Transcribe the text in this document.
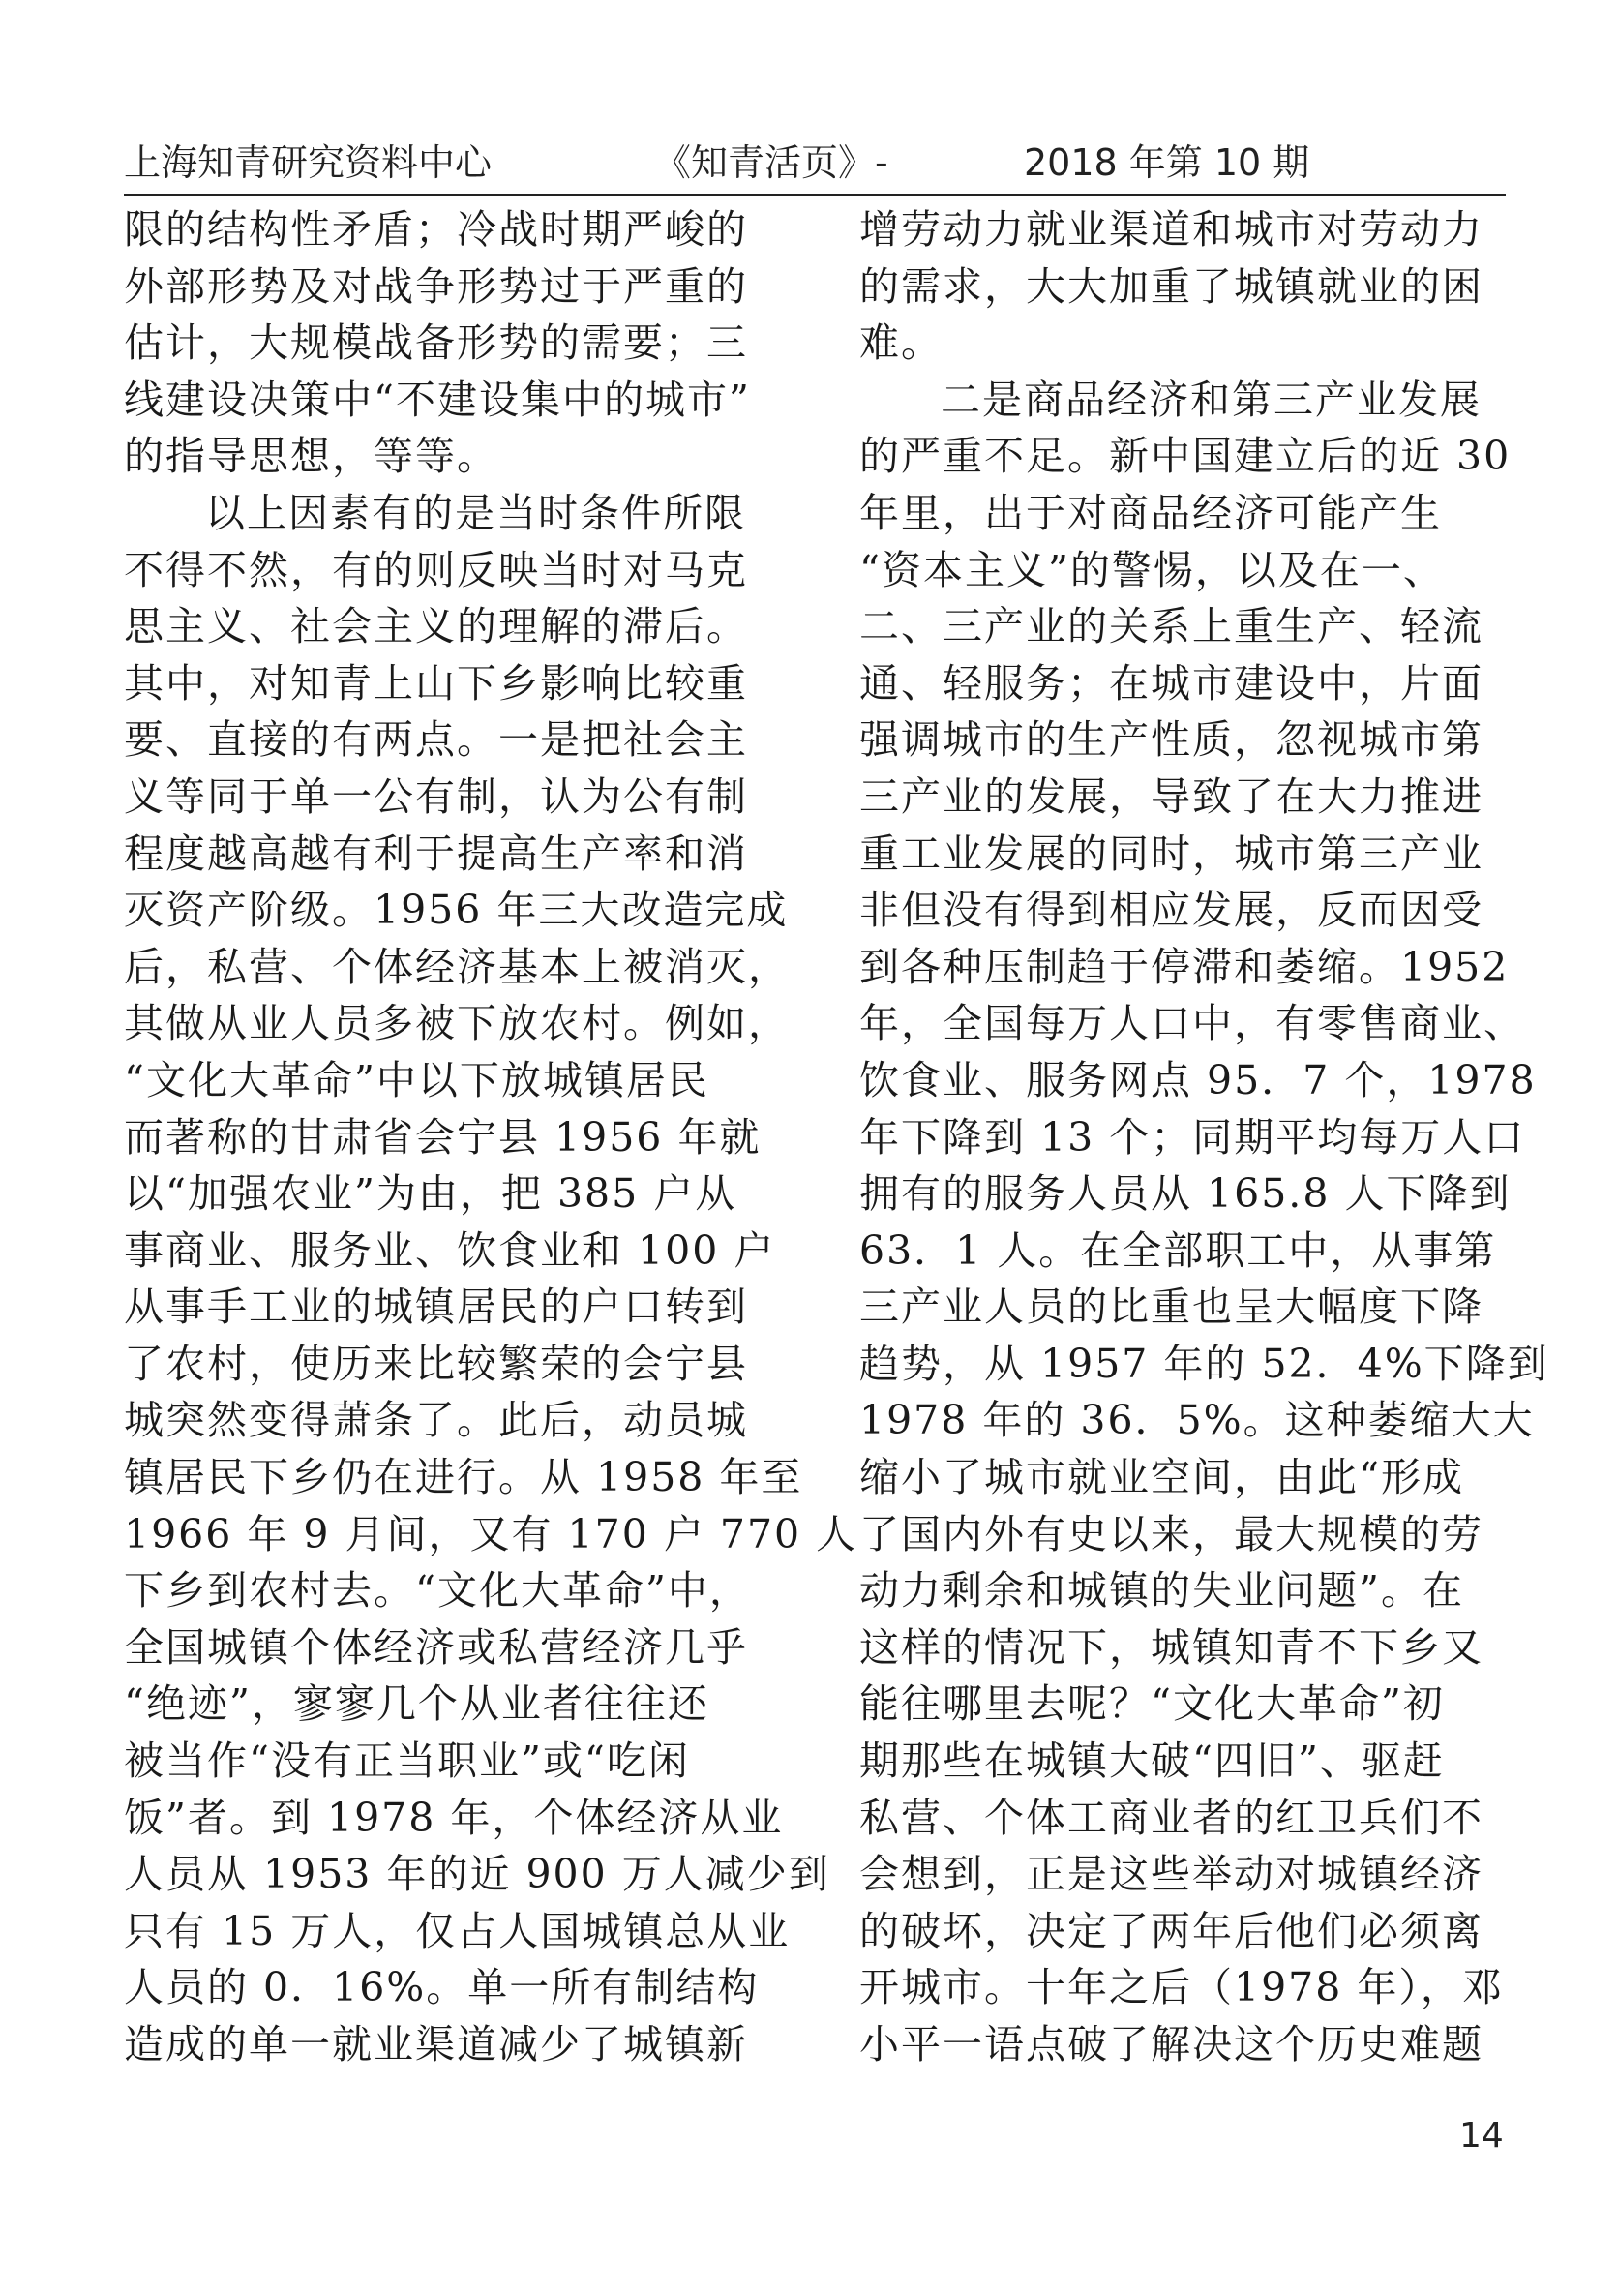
上海知青研究资料中心	《知青活页》-	2018 年第 10 期
限的结构性矛盾；冷战时期严峻的
外部形势及对战争形势过于严重的
估计，大规模战备形势的需要；三
线建设决策中“不建设集中的城市”
的指导思想，等等。
以上因素有的是当时条件所限
不得不然，有的则反映当时对马克
思主义、社会主义的理解的滞后。
其中，对知青上山下乡影响比较重
要、直接的有两点。一是把社会主
义等同于单一公有制，认为公有制
程度越高越有利于提高生产率和消
灭资产阶级。1956 年三大改造完成
后，私营、个体经济基本上被消灭，
其做从业人员多被下放农村。例如，
“文化大革命”中以下放城镇居民
而著称的甘肃省会宁县 1956 年就
以“加强农业”为由，把 385 户从
事商业、服务业、饮食业和 100 户
从事手工业的城镇居民的户口转到
了农村，使历来比较繁荣的会宁县
城突然变得萧条了。此后，动员城
镇居民下乡仍在进行。从 1958 年至
1966 年 9 月间，又有 170 户 770 人
下乡到农村去。“文化大革命”中，
全国城镇个体经济或私营经济几乎
“绝迹”，寥寥几个从业者往往还
被当作“没有正当职业”或“吃闲
饭”者。到 1978 年，个体经济从业
人员从 1953 年的近 900 万人减少到
只有 15 万人，仅占人国城镇总从业
人员的 0．16%。单一所有制结构
造成的单一就业渠道减少了城镇新
增劳动力就业渠道和城市对劳动力
的需求，大大加重了城镇就业的困
难。
二是商品经济和第三产业发展
的严重不足。新中国建立后的近 30
年里，出于对商品经济可能产生
“资本主义”的警惕，以及在一、
二、三产业的关系上重生产、轻流
通、轻服务；在城市建设中，片面
强调城市的生产性质，忽视城市第
三产业的发展，导致了在大力推进
重工业发展的同时，城市第三产业
非但没有得到相应发展，反而因受
到各种压制趋于停滞和萎缩。1952
年，全国每万人口中，有零售商业、
饮食业、服务网点 95．7 个，1978
年下降到 13 个；同期平均每万人口
拥有的服务人员从 165.8 人下降到
63．1 人。在全部职工中，从事第
三产业人员的比重也呈大幅度下降
趋势，从 1957 年的 52．4%下降到
1978 年的 36．5%。这种萎缩大大
缩小了城市就业空间，由此“形成
了国内外有史以来，最大规模的劳
动力剩余和城镇的失业问题”。在
这样的情况下，城镇知青不下乡又
能往哪里去呢？“文化大革命”初
期那些在城镇大破“四旧”、驱赶
私营、个体工商业者的红卫兵们不
会想到，正是这些举动对城镇经济
的破坏，决定了两年后他们必须离
开城市。十年之后（1978 年），邓
小平一语点破了解决这个历史难题
14
